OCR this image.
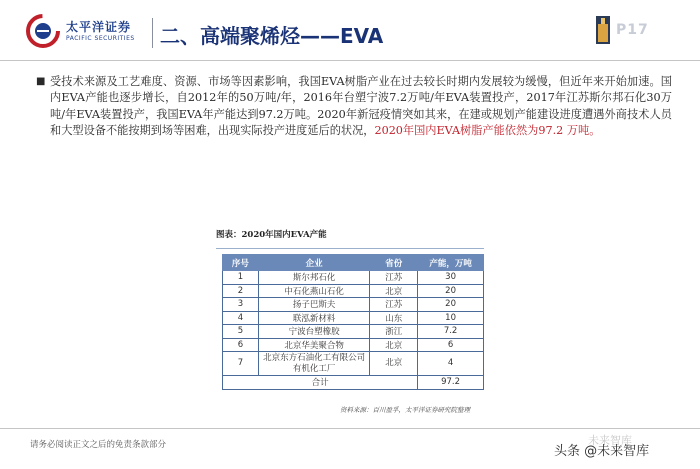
太平洋证券
PACIFIC SECURITIES 二、高端聚烯烃——EVA	P17
■ 受技术来源及工艺难度、资源、市场等因素影响，我国EVA树脂产业在过去较长时期内发展较为缓慢，但近年来开始加速。国内EVA产能也逐步增长，自2012年的50万吨/年，2016年台塑宁波7.2万吨/年EVA装置投产，2017年江苏斯尔邦石化30万吨/年EVA装置投产，我国EVA年产能达到97.2万吨。2020年新冠疫情突如其来，在建或规划产能建设进度遭遇外商技术人员和大型设备不能按期到场等困难，出现实际投产进度延后的状况，2020年国内EVA树脂产能依然为97.2 万吨。
图表：2020年国内EVA产能
序号	企业	省份	产能，万吨
1	斯尔邦石化	江苏	30
2	中石化燕山石化	北京	20
3	扬子巴斯夫	江苏	20
4	联泓新材料	山东	10
5	宁波台塑橡胶	浙江	7.2
6	北京华美聚合物	北京	6
7	北京东方石油化工有限公司有机化工厂	北京	4
合计			97.2
资料来源：百川盈孚，太平洋证券研究院整理
请务必阅读正文之后的免责条款部分	未来智库
头条 @未来智库
